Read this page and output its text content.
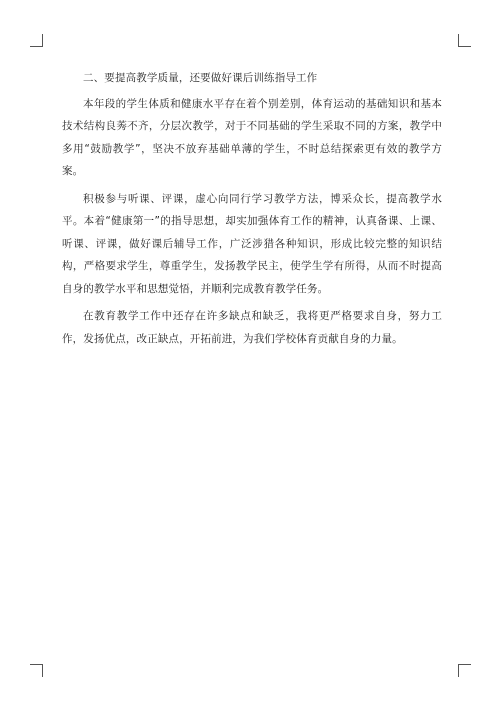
二、要提高教学质量，还要做好课后训练指导工作

本年段的学生体质和健康水平存在着个别差别，体育运动的基础知识和基本技术结构良莠不齐，分层次教学，对于不同基础的学生采取不同的方案，教学中多用“鼓励教学”，坚决不放弃基础单薄的学生，不时总结探索更有效的教学方案。

积极参与听课、评课，虚心向同行学习教学方法，博采众长，提高教学水平。本着“健康第一”的指导思想，却实加强体育工作的精神，认真备课、上课、听课、评课，做好课后辅导工作，广泛涉猎各种知识，形成比较完整的知识结构，严格要求学生，尊重学生，发扬教学民主，使学生学有所得，从而不时提高自身的教学水平和思想觉悟，并顺利完成教育教学任务。

在教育教学工作中还存在许多缺点和缺乏，我将更严格要求自身，努力工作，发扬优点，改正缺点，开拓前进，为我们学校体育贡献自身的力量。
